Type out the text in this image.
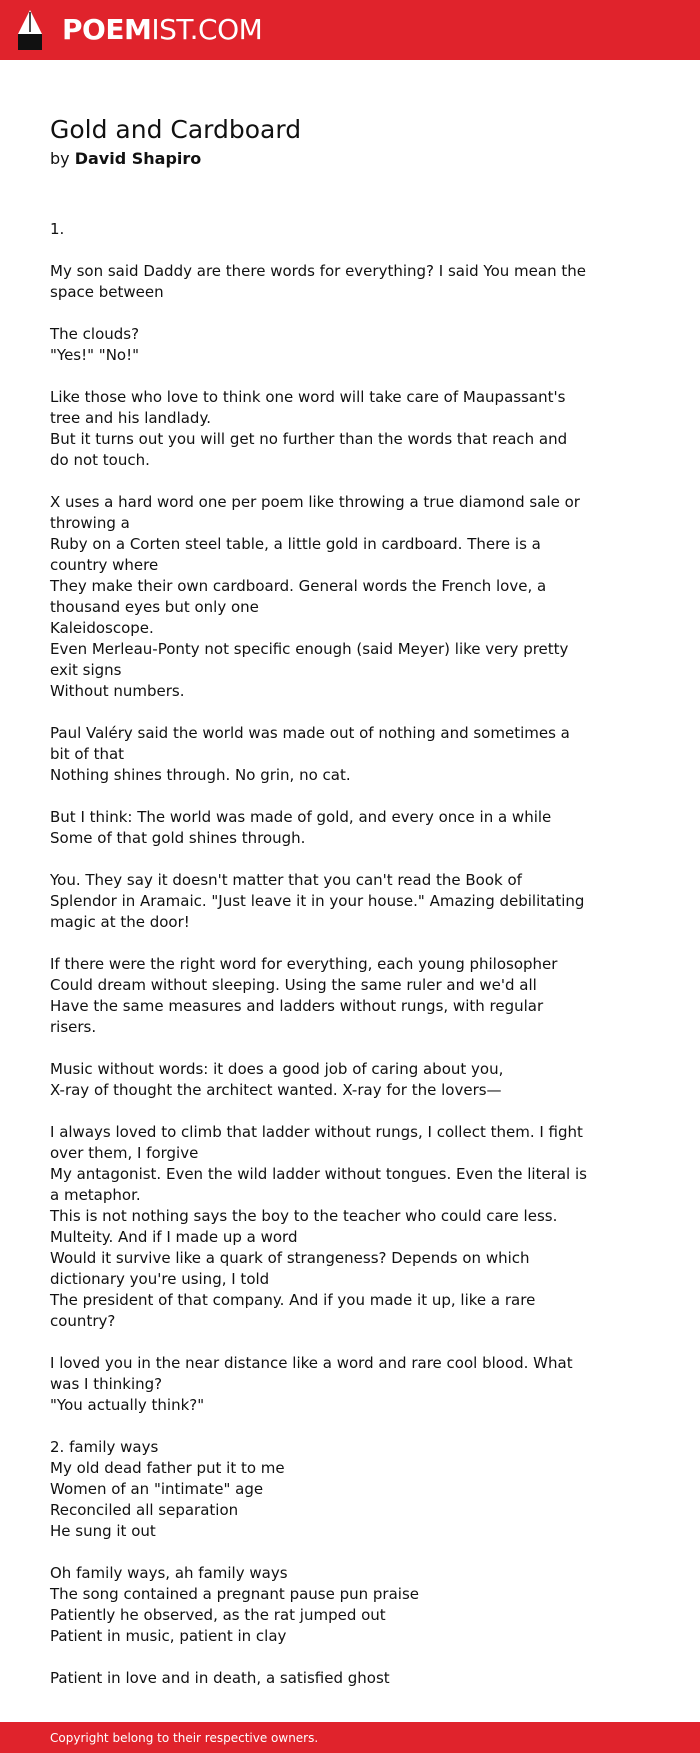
POEMIST.COM
Gold and Cardboard
by David Shapiro
1.
My son said Daddy are there words for everything? I said You mean the space between
The clouds?
"Yes!" "No!"
Like those who love to think one word will take care of Maupassant's tree and his landlady.
But it turns out you will get no further than the words that reach and do not touch.
X uses a hard word one per poem like throwing a true diamond sale or throwing a
Ruby on a Corten steel table, a little gold in cardboard. There is a country where
They make their own cardboard. General words the French love, a thousand eyes but only one
Kaleidoscope.
Even Merleau-Ponty not specific enough (said Meyer) like very pretty exit signs
Without numbers.
Paul Valéry said the world was made out of nothing and sometimes a bit of that
Nothing shines through. No grin, no cat.
But I think: The world was made of gold, and every once in a while
Some of that gold shines through.
You. They say it doesn't matter that you can't read the Book of Splendor in Aramaic. "Just leave it in your house." Amazing debilitating magic at the door!
If there were the right word for everything, each young philosopher
Could dream without sleeping. Using the same ruler and we'd all
Have the same measures and ladders without rungs, with regular risers.
Music without words: it does a good job of caring about you,
X-ray of thought the architect wanted. X-ray for the lovers—
I always loved to climb that ladder without rungs, I collect them. I fight over them, I forgive
My antagonist. Even the wild ladder without tongues. Even the literal is a metaphor.
This is not nothing says the boy to the teacher who could care less.
Multeity. And if I made up a word
Would it survive like a quark of strangeness? Depends on which dictionary you're using, I told
The president of that company. And if you made it up, like a rare country?
I loved you in the near distance like a word and rare cool blood. What was I thinking?
"You actually think?"
2. family ways
My old dead father put it to me
Women of an "intimate" age
Reconciled all separation
He sung it out
Oh family ways, ah family ways
The song contained a pregnant pause pun praise
Patiently he observed, as the rat jumped out
Patient in music, patient in clay
Patient in love and in death, a satisfied ghost
Copyright belong to their respective owners.
